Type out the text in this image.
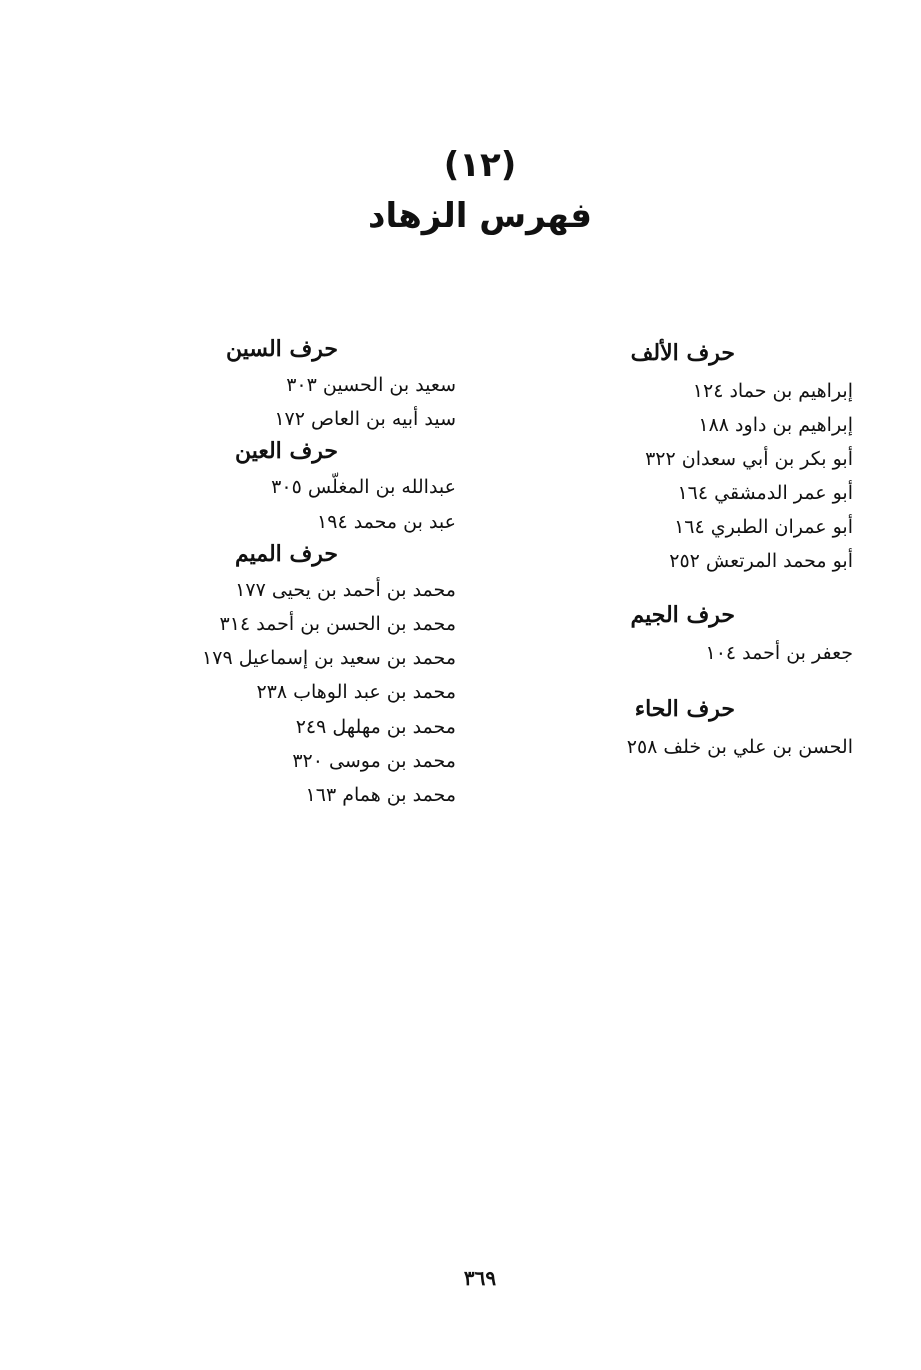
(١٢)
فهرس الزهاد
حرف الألف
إبراهيم بن حماد ١٢٤
إبراهيم بن داود ١٨٨
أبو بكر بن أبي سعدان ٣٢٢
أبو عمر الدمشقي ١٦٤
أبو عمران الطبري ١٦٤
أبو محمد المرتعش ٢٥٢
حرف الجيم
جعفر بن أحمد ١٠٤
حرف الحاء
الحسن بن علي بن خلف ٢٥٨
حرف السين
سعيد بن الحسين ٣٠٣
سيد أبيه بن العاص ١٧٢
حرف العين
عبدالله بن المغلّس ٣٠٥
عبد بن محمد ١٩٤
حرف الميم
محمد بن أحمد بن يحيى ١٧٧
محمد بن الحسن بن أحمد ٣١٤
محمد بن سعيد بن إسماعيل ١٧٩
محمد بن عبد الوهاب ٢٣٨
محمد بن مهلهل ٢٤٩
محمد بن موسى ٣٢٠
محمد بن همام ١٦٣
٣٦٩
